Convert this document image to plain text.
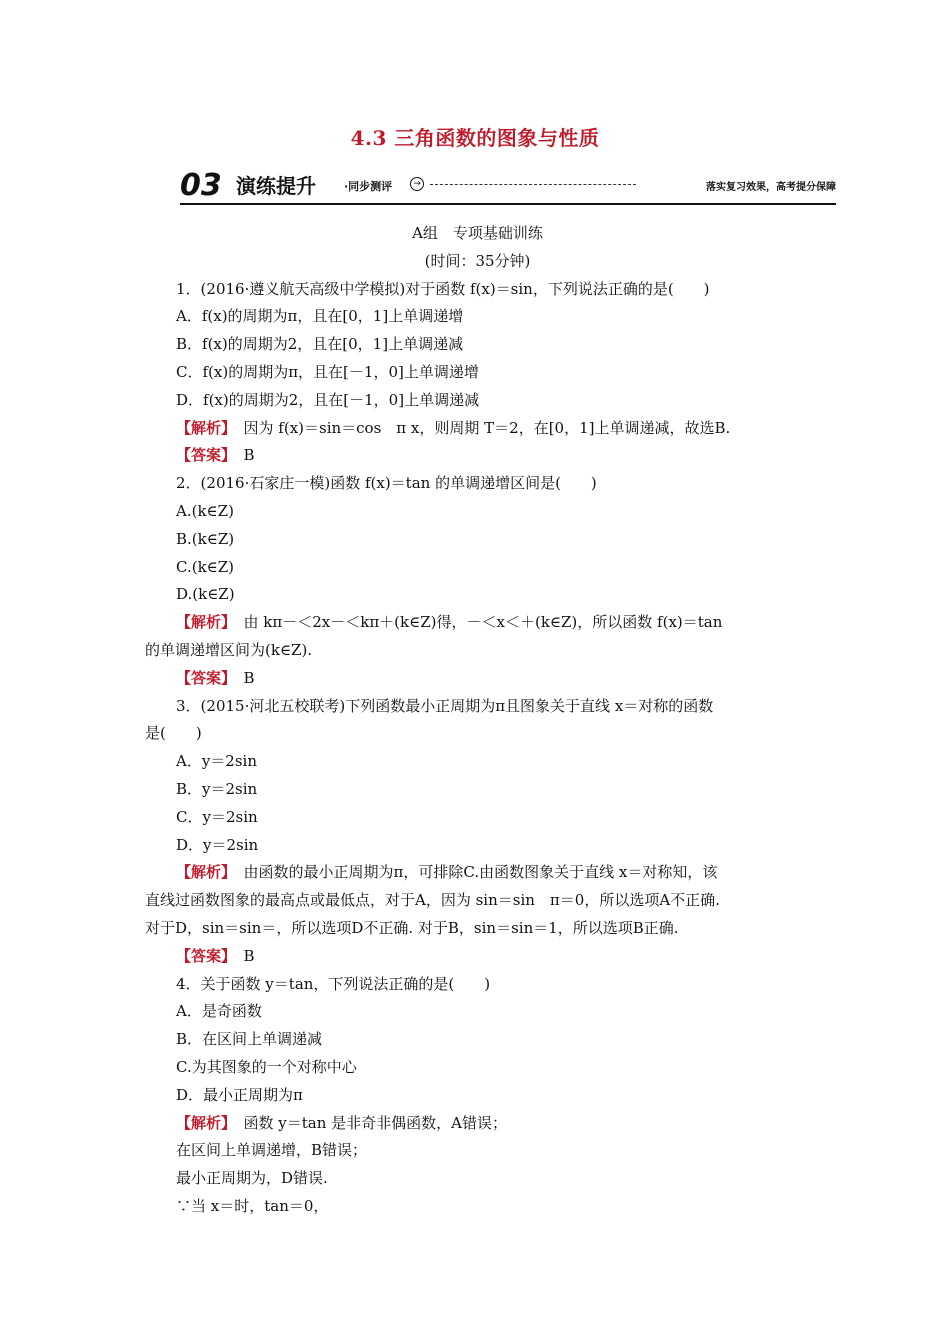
4.3 三角函数的图象与性质
03 演练提升	·同步测评	→	落实复习效果，高考提分保障
A组　专项基础训练
(时间：35分钟)
1．(2016·遵义航天高级中学模拟)对于函数 f(x)＝sin，下列说法正确的是(　　)
A．f(x)的周期为π，且在[0，1]上单调递增
B．f(x)的周期为2，且在[0，1]上单调递减
C．f(x)的周期为π，且在[－1，0]上单调递增
D．f(x)的周期为2，且在[－1，0]上单调递减
【解析】　因为 f(x)＝sin＝cos　π x，则周期 T＝2，在[0，1]上单调递减，故选B.
【答案】　B
2．(2016·石家庄一模)函数 f(x)＝tan 的单调递增区间是(　　)
A.(k∈Z)
B.(k∈Z)
C.(k∈Z)
D.(k∈Z)
【解析】　由 kπ－＜2x－＜kπ＋(k∈Z)得，－＜x＜＋(k∈Z)，所以函数 f(x)＝tan
的单调递增区间为(k∈Z).
【答案】　B
3．(2015·河北五校联考)下列函数最小正周期为π且图象关于直线 x＝对称的函数
是(　　)
A．y＝2sin
B．y＝2sin
C．y＝2sin
D．y＝2sin
【解析】　由函数的最小正周期为π，可排除C.由函数图象关于直线 x＝对称知，该
直线过函数图象的最高点或最低点，对于A，因为 sin＝sin　π＝0，所以选项A不正确.
对于D，sin＝sin＝，所以选项D不正确. 对于B，sin＝sin＝1，所以选项B正确.
【答案】　B
4．关于函数 y＝tan，下列说法正确的是(　　)
A．是奇函数
B．在区间上单调递减
C.为其图象的一个对称中心
D．最小正周期为π
【解析】　函数 y＝tan 是非奇非偶函数，A错误；
在区间上单调递增，B错误；
最小正周期为，D错误.
∵当 x＝时，tan＝0，
